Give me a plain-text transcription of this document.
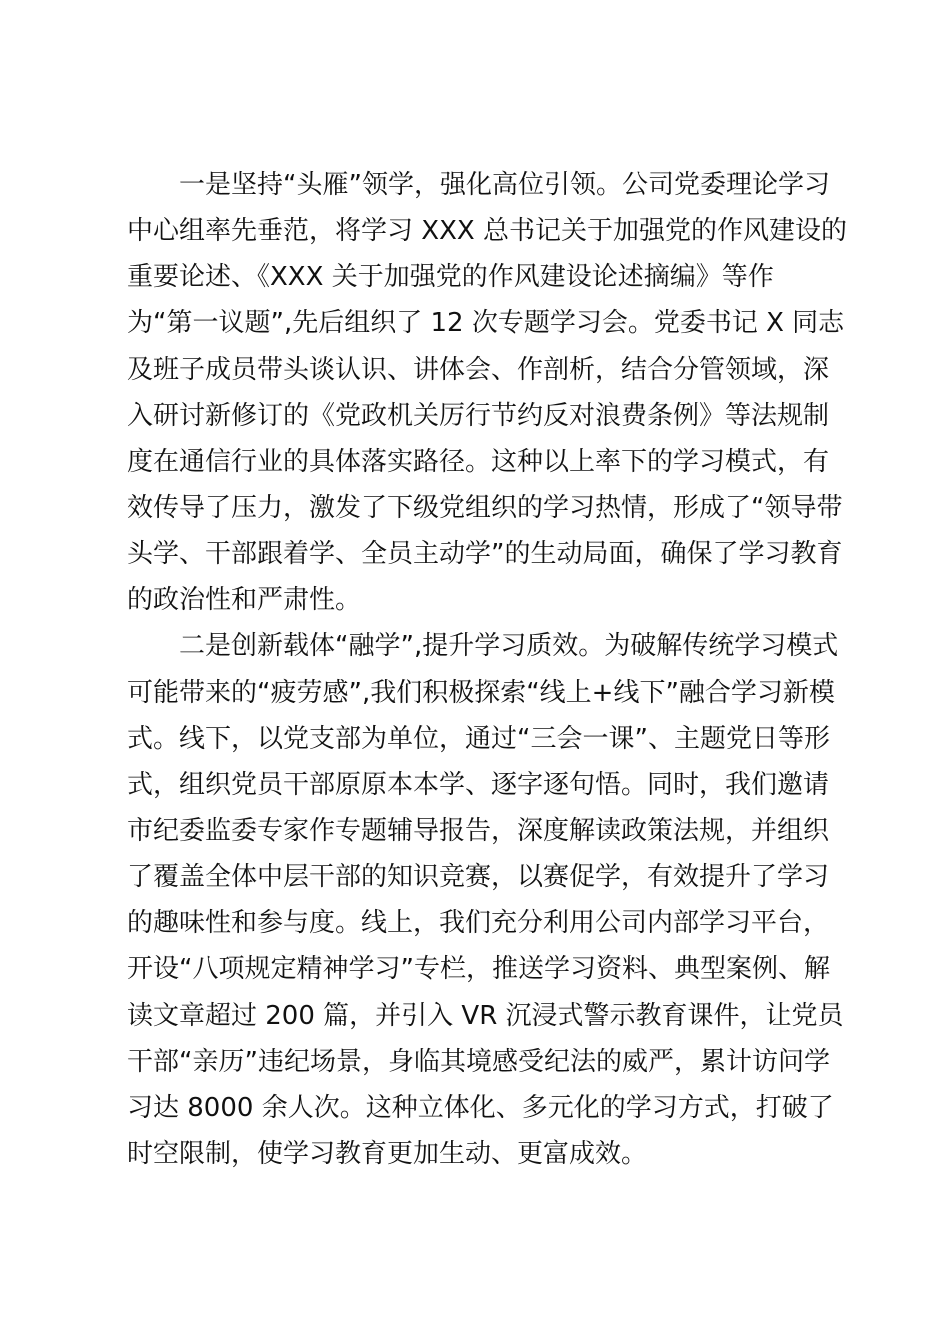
一是坚持“头雁”领学，强化高位引领。公司党委理论学习
中心组率先垂范，将学习 XXX 总书记关于加强党的作风建设的
重要论述、《XXX 关于加强党的作风建设论述摘编》等作
为“第一议题”,先后组织了 12 次专题学习会。党委书记 X 同志
及班子成员带头谈认识、讲体会、作剖析，结合分管领域，深
入研讨新修订的《党政机关厉行节约反对浪费条例》等法规制
度在通信行业的具体落实路径。这种以上率下的学习模式，有
效传导了压力，激发了下级党组织的学习热情，形成了“领导带
头学、干部跟着学、全员主动学”的生动局面，确保了学习教育
的政治性和严肃性。
二是创新载体“融学”,提升学习质效。为破解传统学习模式
可能带来的“疲劳感”,我们积极探索“线上+线下”融合学习新模
式。线下，以党支部为单位，通过“三会一课”、主题党日等形
式，组织党员干部原原本本学、逐字逐句悟。同时，我们邀请
市纪委监委专家作专题辅导报告，深度解读政策法规，并组织
了覆盖全体中层干部的知识竞赛，以赛促学，有效提升了学习
的趣味性和参与度。线上，我们充分利用公司内部学习平台，
开设“八项规定精神学习”专栏，推送学习资料、典型案例、解
读文章超过 200 篇，并引入 VR 沉浸式警示教育课件，让党员
干部“亲历”违纪场景，身临其境感受纪法的威严，累计访问学
习达 8000 余人次。这种立体化、多元化的学习方式，打破了
时空限制，使学习教育更加生动、更富成效。
